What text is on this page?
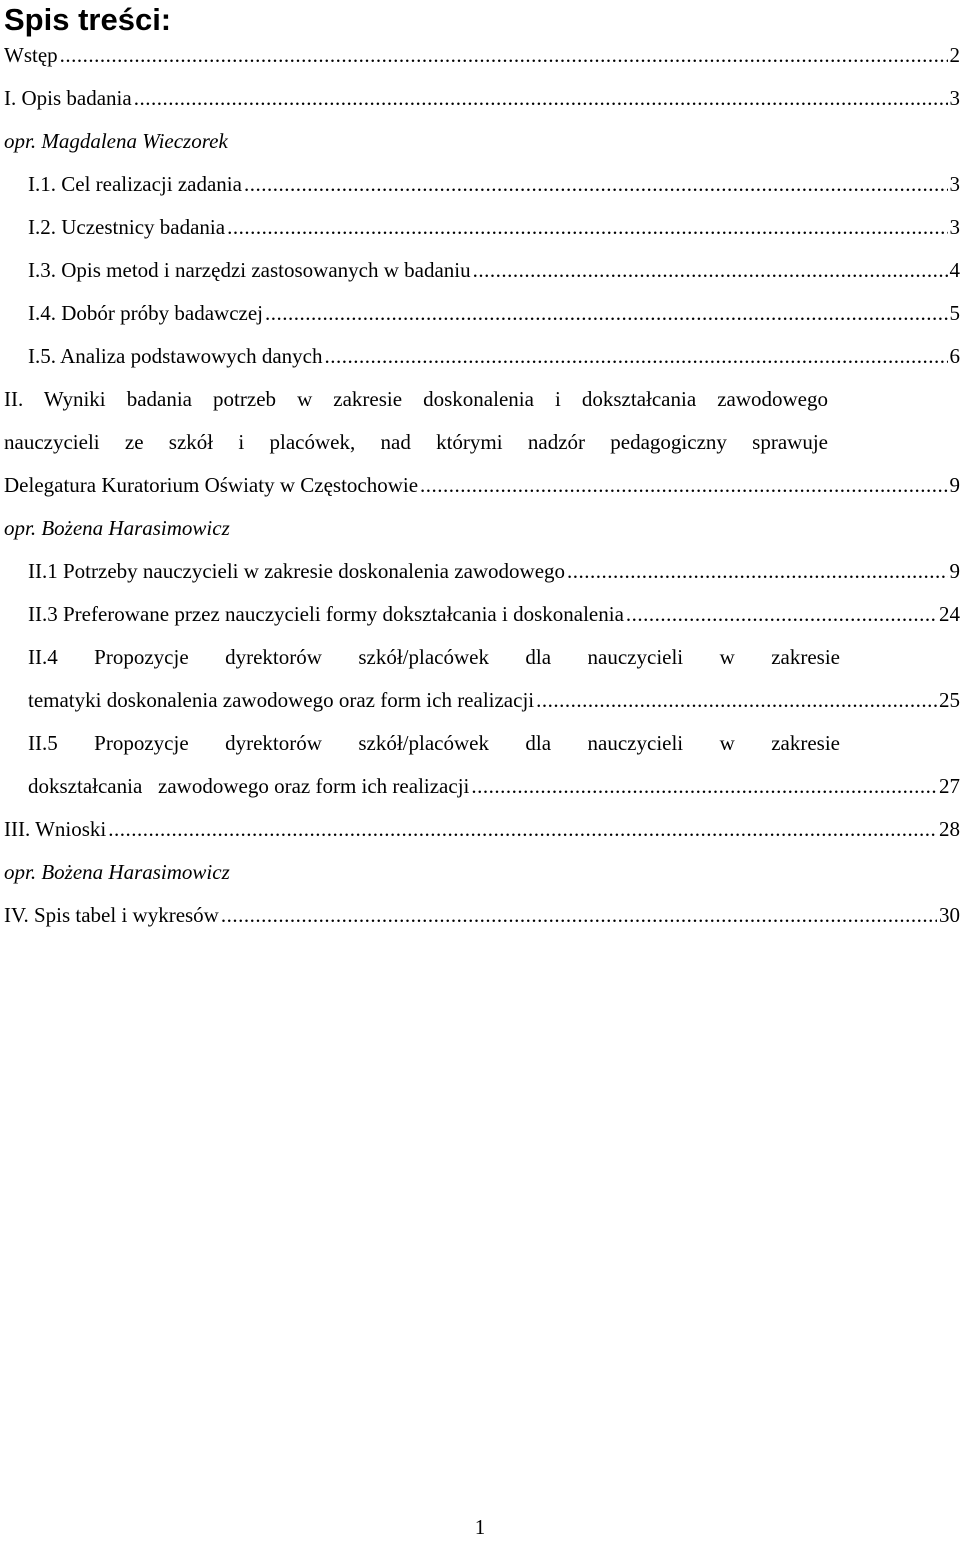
Spis treści:
Wstęp .....	2
I. Opis badania .....	3
opr. Magdalena Wieczorek
I.1. Cel realizacji zadania .....	3
I.2. Uczestnicy badania .....	3
I.3. Opis metod i narzędzi zastosowanych w badaniu .....	4
I.4. Dobór próby badawczej .....	5
I.5. Analiza podstawowych danych .....	6
II. Wyniki badania potrzeb w zakresie doskonalenia i dokształcania zawodowego
nauczycieli ze szkół i placówek, nad którymi nadzór pedagogiczny sprawuje
Delegatura Kuratorium Oświaty w Częstochowie .....	9
opr. Bożena Harasimowicz
II.1 Potrzeby nauczycieli w zakresie doskonalenia zawodowego .....	9
II.3 Preferowane przez nauczycieli formy dokształcania i doskonalenia .....	24
II.4 Propozycje dyrektorów szkół/placówek dla nauczycieli w zakresie
tematyki doskonalenia zawodowego oraz form ich realizacji .....	25
II.5 Propozycje dyrektorów szkół/placówek dla nauczycieli w zakresie
dokształcania   zawodowego oraz form ich realizacji .....	27
III. Wnioski .....	28
opr. Bożena Harasimowicz
IV. Spis tabel i wykresów .....	30
1
